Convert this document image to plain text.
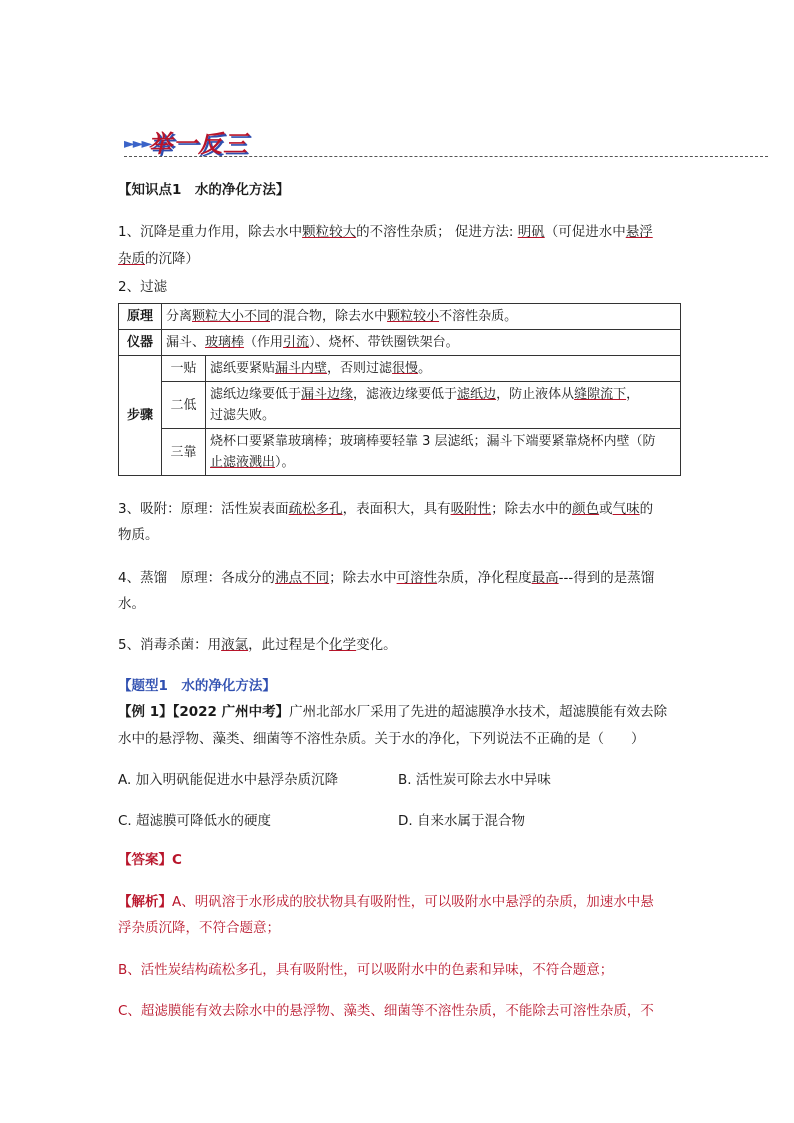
►►►
举一反三
【知识点1　水的净化方法】
1、沉降是重力作用，除去水中颗粒较大的不溶性杂质； 促进方法: 明矾（可促进水中悬浮
杂质的沉降）
2、过滤
原理	分离颗粒大小不同的混合物，除去水中颗粒较小不溶性杂质。	
仪器	漏斗、玻璃棒（作用引流）、烧杯、带铁圈铁架台。	
步骤	一贴	滤纸要紧贴漏斗内壁，否则过滤很慢。
	二低	滤纸边缘要低于漏斗边缘，滤液边缘要低于滤纸边，防止液体从缝隙流下，
过滤失败。
	三靠	烧杯口要紧靠玻璃棒；玻璃棒要轻靠 3 层滤纸；漏斗下端要紧靠烧杯内壁（防
止滤液溅出）。
3、吸附：原理：活性炭表面疏松多孔，表面积大，具有吸附性；除去水中的颜色或气味的
物质。
4、蒸馏　原理：各成分的沸点不同；除去水中可溶性杂质，净化程度最高---得到的是蒸馏
水。
5、消毒杀菌：用液氯，此过程是个化学变化。
【题型1　水的净化方法】
【例 1】【2022 广州中考】广州北部水厂采用了先进的超滤膜净水技术，超滤膜能有效去除
水中的悬浮物、藻类、细菌等不溶性杂质。关于水的净化，下列说法不正确的是（　　）
A. 加入明矾能促进水中悬浮杂质沉降	B. 活性炭可除去水中异味
C. 超滤膜可降低水的硬度	D. 自来水属于混合物
【答案】C
【解析】A、明矾溶于水形成的胶状物具有吸附性，可以吸附水中悬浮的杂质，加速水中悬
浮杂质沉降，不符合题意；
B、活性炭结构疏松多孔，具有吸附性，可以吸附水中的色素和异味，不符合题意；
C、超滤膜能有效去除水中的悬浮物、藻类、细菌等不溶性杂质，不能除去可溶性杂质，不
